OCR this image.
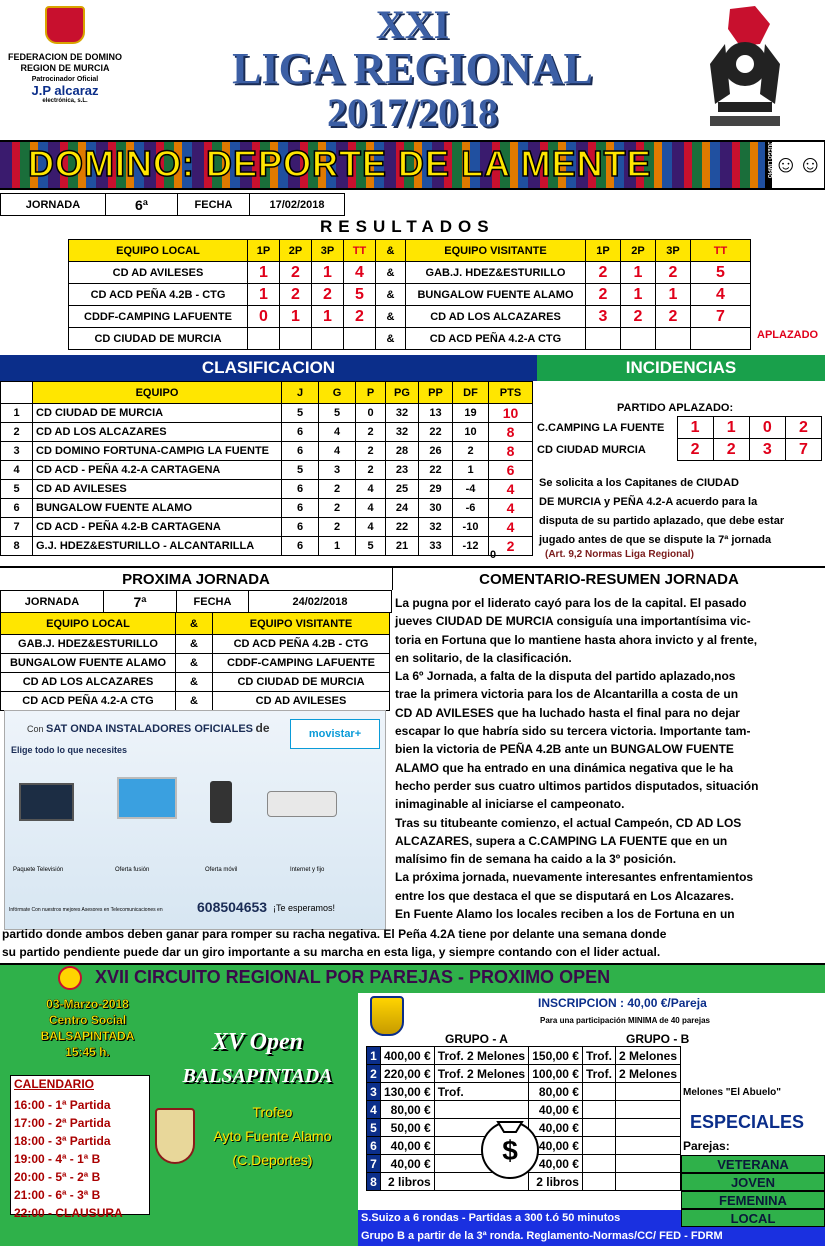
FEDERACION DE DOMINO
REGION DE MURCIA
Patrocinador Oficial
J.P alcaraz
electrónica, s.L.
XXI
LIGA REGIONAL
2017/2018
DOMINO: DEPORTE DE LA MENTE	JUEGO LIMPIO ☺☺
JORNADA	6ª	FECHA	17/02/2018
RESULTADOS
EQUIPO LOCAL	1P	2P	3P	TT	&	EQUIPO VISITANTE	1P	2P	3P	TT
CD AD AVILESES	1	2	1	4	&	GAB.J. HDEZ&ESTURILLO	2	1	2	5
CD ACD PEÑA 4.2B - CTG	1	2	2	5	&	BUNGALOW FUENTE ALAMO	2	1	1	4
CDDF-CAMPING LAFUENTE	0	1	1	2	&	CD AD LOS ALCAZARES	3	2	2	7
CD CIUDAD DE MURCIA					&	CD ACD PEÑA 4.2-A CTG					APLAZADO
CLASIFICACION	INCIDENCIAS
	EQUIPO	J	G	P	PG	PP	DF	PTS
1	CD CIUDAD DE MURCIA	5	5	0	32	13	19	10
2	CD AD LOS ALCAZARES	6	4	2	32	22	10	8
3	CD DOMINO FORTUNA-CAMPIG LA FUENTE	6	4	2	28	26	2	8
4	CD ACD - PEÑA 4.2-A CARTAGENA	5	3	2	23	22	1	6
5	CD AD AVILESES	6	2	4	25	29	-4	4
6	BUNGALOW FUENTE ALAMO	6	2	4	24	30	-6	4
7	CD ACD - PEÑA 4.2-B CARTAGENA	6	2	4	22	32	-10	4
8	G.J. HDEZ&ESTURILLO - ALCANTARILLA	6	1	5	21	33	-12	2
0
PARTIDO APLAZADO:
C.CAMPING LA FUENTE	1	1	0	2
CD CIUDAD MURCIA	2	2	3	7
Se solicita a los Capitanes de CIUDAD
DE MURCIA y PEÑA 4.2-A acuerdo para la
disputa de su partido aplazado, que debe estar
jugado antes de que se dispute la 7ª jornada
(Art. 9,2 Normas Liga Regional)
PROXIMA JORNADA
JORNADA	7ª	FECHA	24/02/2018
EQUIPO LOCAL	&	EQUIPO VISITANTE
GAB.J. HDEZ&ESTURILLO	&	CD ACD PEÑA 4.2B - CTG
BUNGALOW FUENTE ALAMO	&	CDDF-CAMPING LAFUENTE
CD AD LOS ALCAZARES	&	CD CIUDAD DE MURCIA
CD ACD PEÑA 4.2-A CTG	&	CD AD AVILESES
Con SAT ONDA INSTALADORES OFICIALES de	movistar+
Elige todo lo que necesites
Paquete Televisión	Oferta fusión	Oferta móvil	Internet y fijo
Infórmate Con nuestros mejores Asesores en Telecomunicaciones en 608504653 ¡Te esperamos!
COMENTARIO-RESUMEN JORNADA
La pugna por el liderato cayó para los de la capital. El pasado
jueves CIUDAD DE MURCIA consiguía una importantísima vic-
toria en Fortuna que lo mantiene hasta ahora invicto y al frente,
en solitario, de la clasificación.
La 6º Jornada, a falta de la disputa del partido aplazado,nos
trae la primera victoria para los de Alcantarilla a costa de un
CD AD AVILESES que ha luchado hasta el final para no dejar
escapar lo que habría sido su tercera victoria. Importante tam-
bien la victoria de PEÑA 4.2B ante un BUNGALOW FUENTE
ALAMO que ha entrado en una dinámica negativa que le ha
hecho perder sus cuatro ultimos partidos disputados, situación
inimaginable al iniciarse el campeonato.
Tras su titubeante comienzo, el actual Campeón, CD AD LOS
ALCAZARES, supera a C.CAMPING LA FUENTE que en un
malísimo fin de semana ha caido a la 3º posición.
La próxima jornada, nuevamente interesantes enfrentamientos
entre los que destaca el que se disputará en Los Alcazares.
En Fuente Alamo los locales reciben a los de Fortuna en un
partido donde ambos deben ganar para romper su racha negativa. El Peña 4.2A tiene por delante una semana donde
su partido pendiente puede dar un giro importante a su marcha en esta liga, y siempre contando con el lider actual.
XVII CIRCUITO REGIONAL POR PAREJAS - PROXIMO OPEN
03-Marzo-2018
Centro Social
BALSAPINTADA
15:45 h.	XV Open
BALSAPINTADA
Trofeo
Ayto Fuente Alamo
(C.Deportes)
CALENDARIO
16:00 - 1ª Partida
17:00 - 2ª Partida
18:00 - 3ª Partida
19:00 - 4ª - 1ª B
20:00 - 5ª - 2ª B
21:00 - 6ª - 3ª B
22:00 - CLAUSURA
INSCRIPCION : 40,00 €/Pareja
Para una participación MINIMA de 40 parejas
GRUPO - A	GRUPO - B
1	400,00 €	Trof. 2 Melones	150,00 €	Trof.	2 Melones
2	220,00 €	Trof. 2 Melones	100,00 €	Trof.	2 Melones
3	130,00 €	Trof.	80,00 €		
4	80,00 €		40,00 €		
5	50,00 €		40,00 €		
6	40,00 €		40,00 €		
7	40,00 €		40,00 €		
8	2 libros		2 libros		
$
Melones "El Abuelo"
ESPECIALES
Parejas:
VETERANA
JOVEN
FEMENINA
LOCAL
S.Suizo a 6 rondas - Partidas a 300 t.ó 50 minutos
Grupo B a partir de la 3ª ronda. Reglamento-Normas/CC/ FED - FDRM
